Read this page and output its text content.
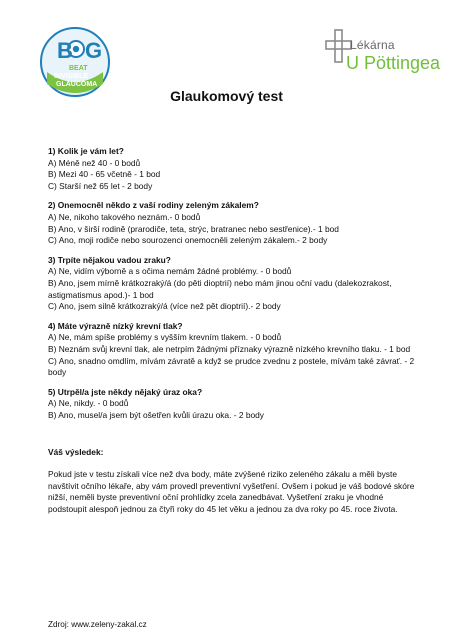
B G
BEAT
INVISIBLE
GLAUCOMA
Lékárna
U Pöttingea
Glaukomový test
1) Kolik je vám let?
A) Méně než 40 - 0 bodů
B) Mezi 40 - 65 včetně - 1 bod
C) Starší než 65 let - 2 body
2) Onemocněl někdo z vaší rodiny zeleným zákalem?
A) Ne, nikoho takového neznám.- 0 bodů
B) Ano, v širší rodině (prarodiče, teta, strýc, bratranec nebo sestřenice).- 1 bod
C) Ano, moji rodiče nebo sourozenci onemocněli zeleným zákalem.- 2 body
3) Trpíte nějakou vadou zraku?
A) Ne, vidím výborně a s očima nemám žádné problémy. - 0 bodů
B) Ano, jsem mírně krátkozraký/á (do pěti dioptrií) nebo mám jinou oční vadu (dalekozrakost, astigmatismus apod.)- 1 bod
C) Ano, jsem silně krátkozraký/á (více než pět dioptrií).- 2 body
4) Máte výrazně nízký krevní tlak?
A) Ne, mám spíše problémy s vyšším krevním tlakem. - 0 bodů
B) Neznám svůj krevní tlak, ale netrpím žádnými příznaky výrazně nízkého krevního tlaku. - 1 bod
C) Ano, snadno omdlím, mívám závratě a když se prudce zvednu z postele, mívám také závrať. - 2 body
5) Utrpěl/a jste někdy nějaký úraz oka?
A) Ne, nikdy. - 0 bodů
B) Ano, musel/a jsem být ošetřen kvůli úrazu oka. - 2 body
Váš výsledek:
Pokud jste v testu získali více než dva body, máte zvýšené riziko zeleného zákalu a měli byste navštívit očního lékaře, aby vám provedl preventivní vyšetření. Ovšem i pokud je váš bodové skóre nižší, neměli byste preventivní oční prohlídky zcela zanedbávat. Vyšetření zraku je vhodné podstoupit alespoň jednou za čtyři roky do 45 let věku a jednou za dva roky po 45. roce života.
Zdroj: www.zeleny-zakal.cz
